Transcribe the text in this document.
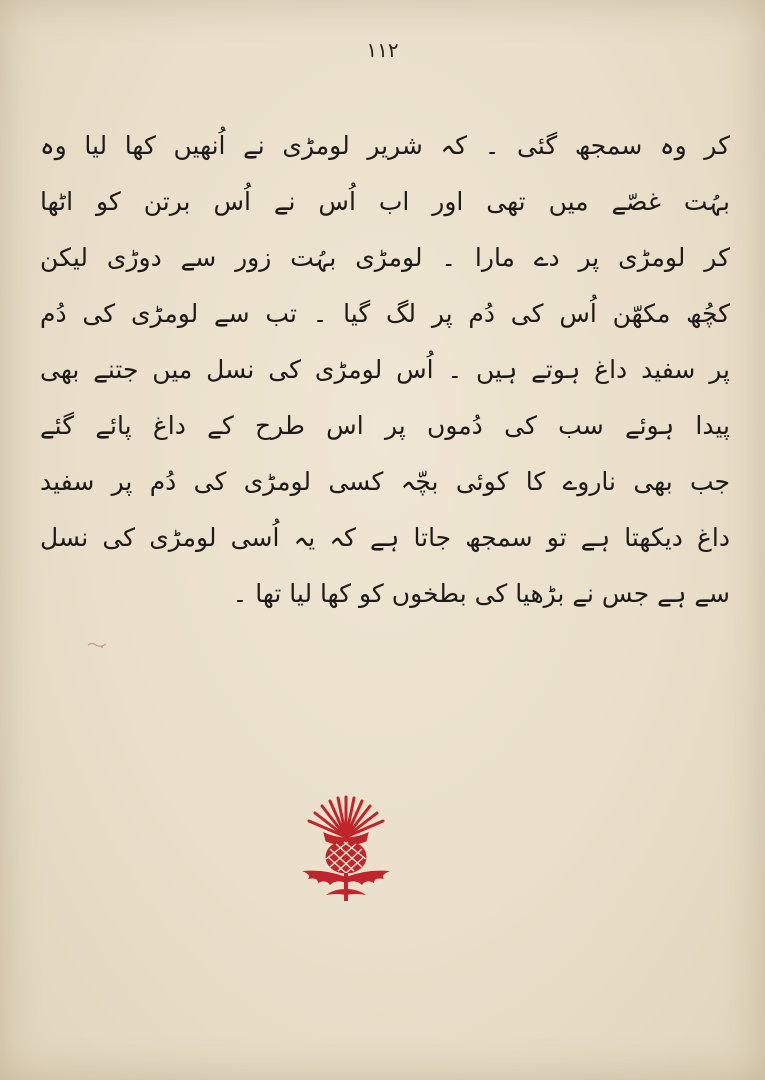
١١٢
کر وہ سمجھ گئی ۔ کہ شریر لومڑی نے اُنھیں کھا لیا وہ
بہُت غصّے میں تھی اور اب اُس نے اُس برتن کو اٹھا
کر لومڑی پر دے مارا ۔ لومڑی بہُت زور سے دوڑی لیکن
کچُھ مکھّن اُس کی دُم پر لگ گیا ۔ تب سے لومڑی کی دُم
پر سفید داغ ہوتے ہیں ۔ اُس لومڑی کی نسل میں جتنے بھی
پیدا ہوئے سب کی دُموں پر اس طرح کے داغ پائے گئے
جب بھی ناروے کا کوئی بچّہ کسی لومڑی کی دُم پر سفید
داغ دیکھتا ہے تو سمجھ جاتا ہے کہ یہ اُسی لومڑی کی نسل
سے ہے جس نے بڑھیا کی بطخوں کو کھا لیا تھا ۔
